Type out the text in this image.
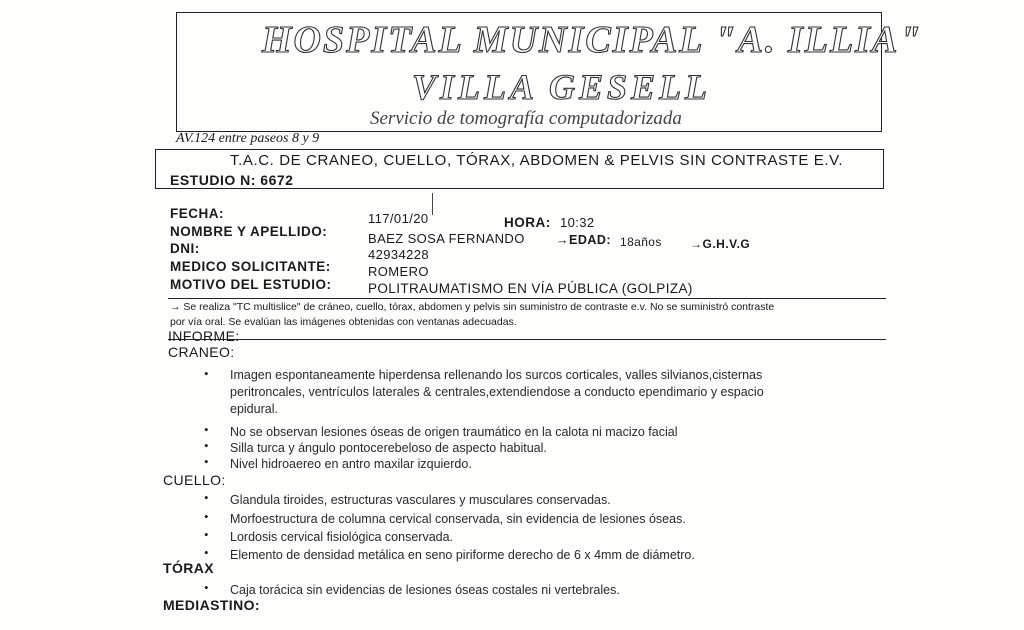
HOSPITAL MUNICIPAL "A. ILLIA"
VILLA GESELL
Servicio de tomografía computadorizada
AV.124 entre paseos 8 y 9
T.A.C. DE CRANEO, CUELLO, TÓRAX, ABDOMEN & PELVIS SIN CONTRASTE E.V.
ESTUDIO N: 6672
FECHA:	117/01/20	HORA: 10:32
NOMBRE Y APELLIDO:	BAEZ SOSA FERNANDO	→EDAD: 18años →G.H.V.G
DNI:	42934228
MEDICO SOLICITANTE:	ROMERO
MOTIVO DEL ESTUDIO:	POLITRAUMATISMO EN VÍA PÚBLICA (GOLPIZA)
→ Se realiza "TC multislice" de cráneo, cuello, tórax, abdomen y pelvis sin suministro de contraste e.v. No se suministró contraste
por vía oral. Se evalúan las imágenes obtenidas con ventanas adecuadas.
INFORME:
CRANEO:
• Imagen espontaneamente hiperdensa rellenando los surcos corticales, valles silvianos,cisternas
peritroncales, ventrículos laterales & centrales,extendiendose a conducto ependimario y espacio
epidural.
• No se observan lesiones óseas de origen traumático en la calota ni macizo facial
• Silla turca y ángulo pontocerebeloso de aspecto habitual.
• Nivel hidroaereo en antro maxilar izquierdo.
CUELLO:
• Glandula tiroides, estructuras vasculares y musculares conservadas.
• Morfoestructura de columna cervical conservada, sin evidencia de lesiones óseas.
• Lordosis cervical fisiológica conservada.
• Elemento de densidad metálica en seno piriforme derecho de 6 x 4mm de diámetro.
TÓRAX
• Caja torácica sin evidencias de lesiones óseas costales ni vertebrales.
MEDIASTINO:
